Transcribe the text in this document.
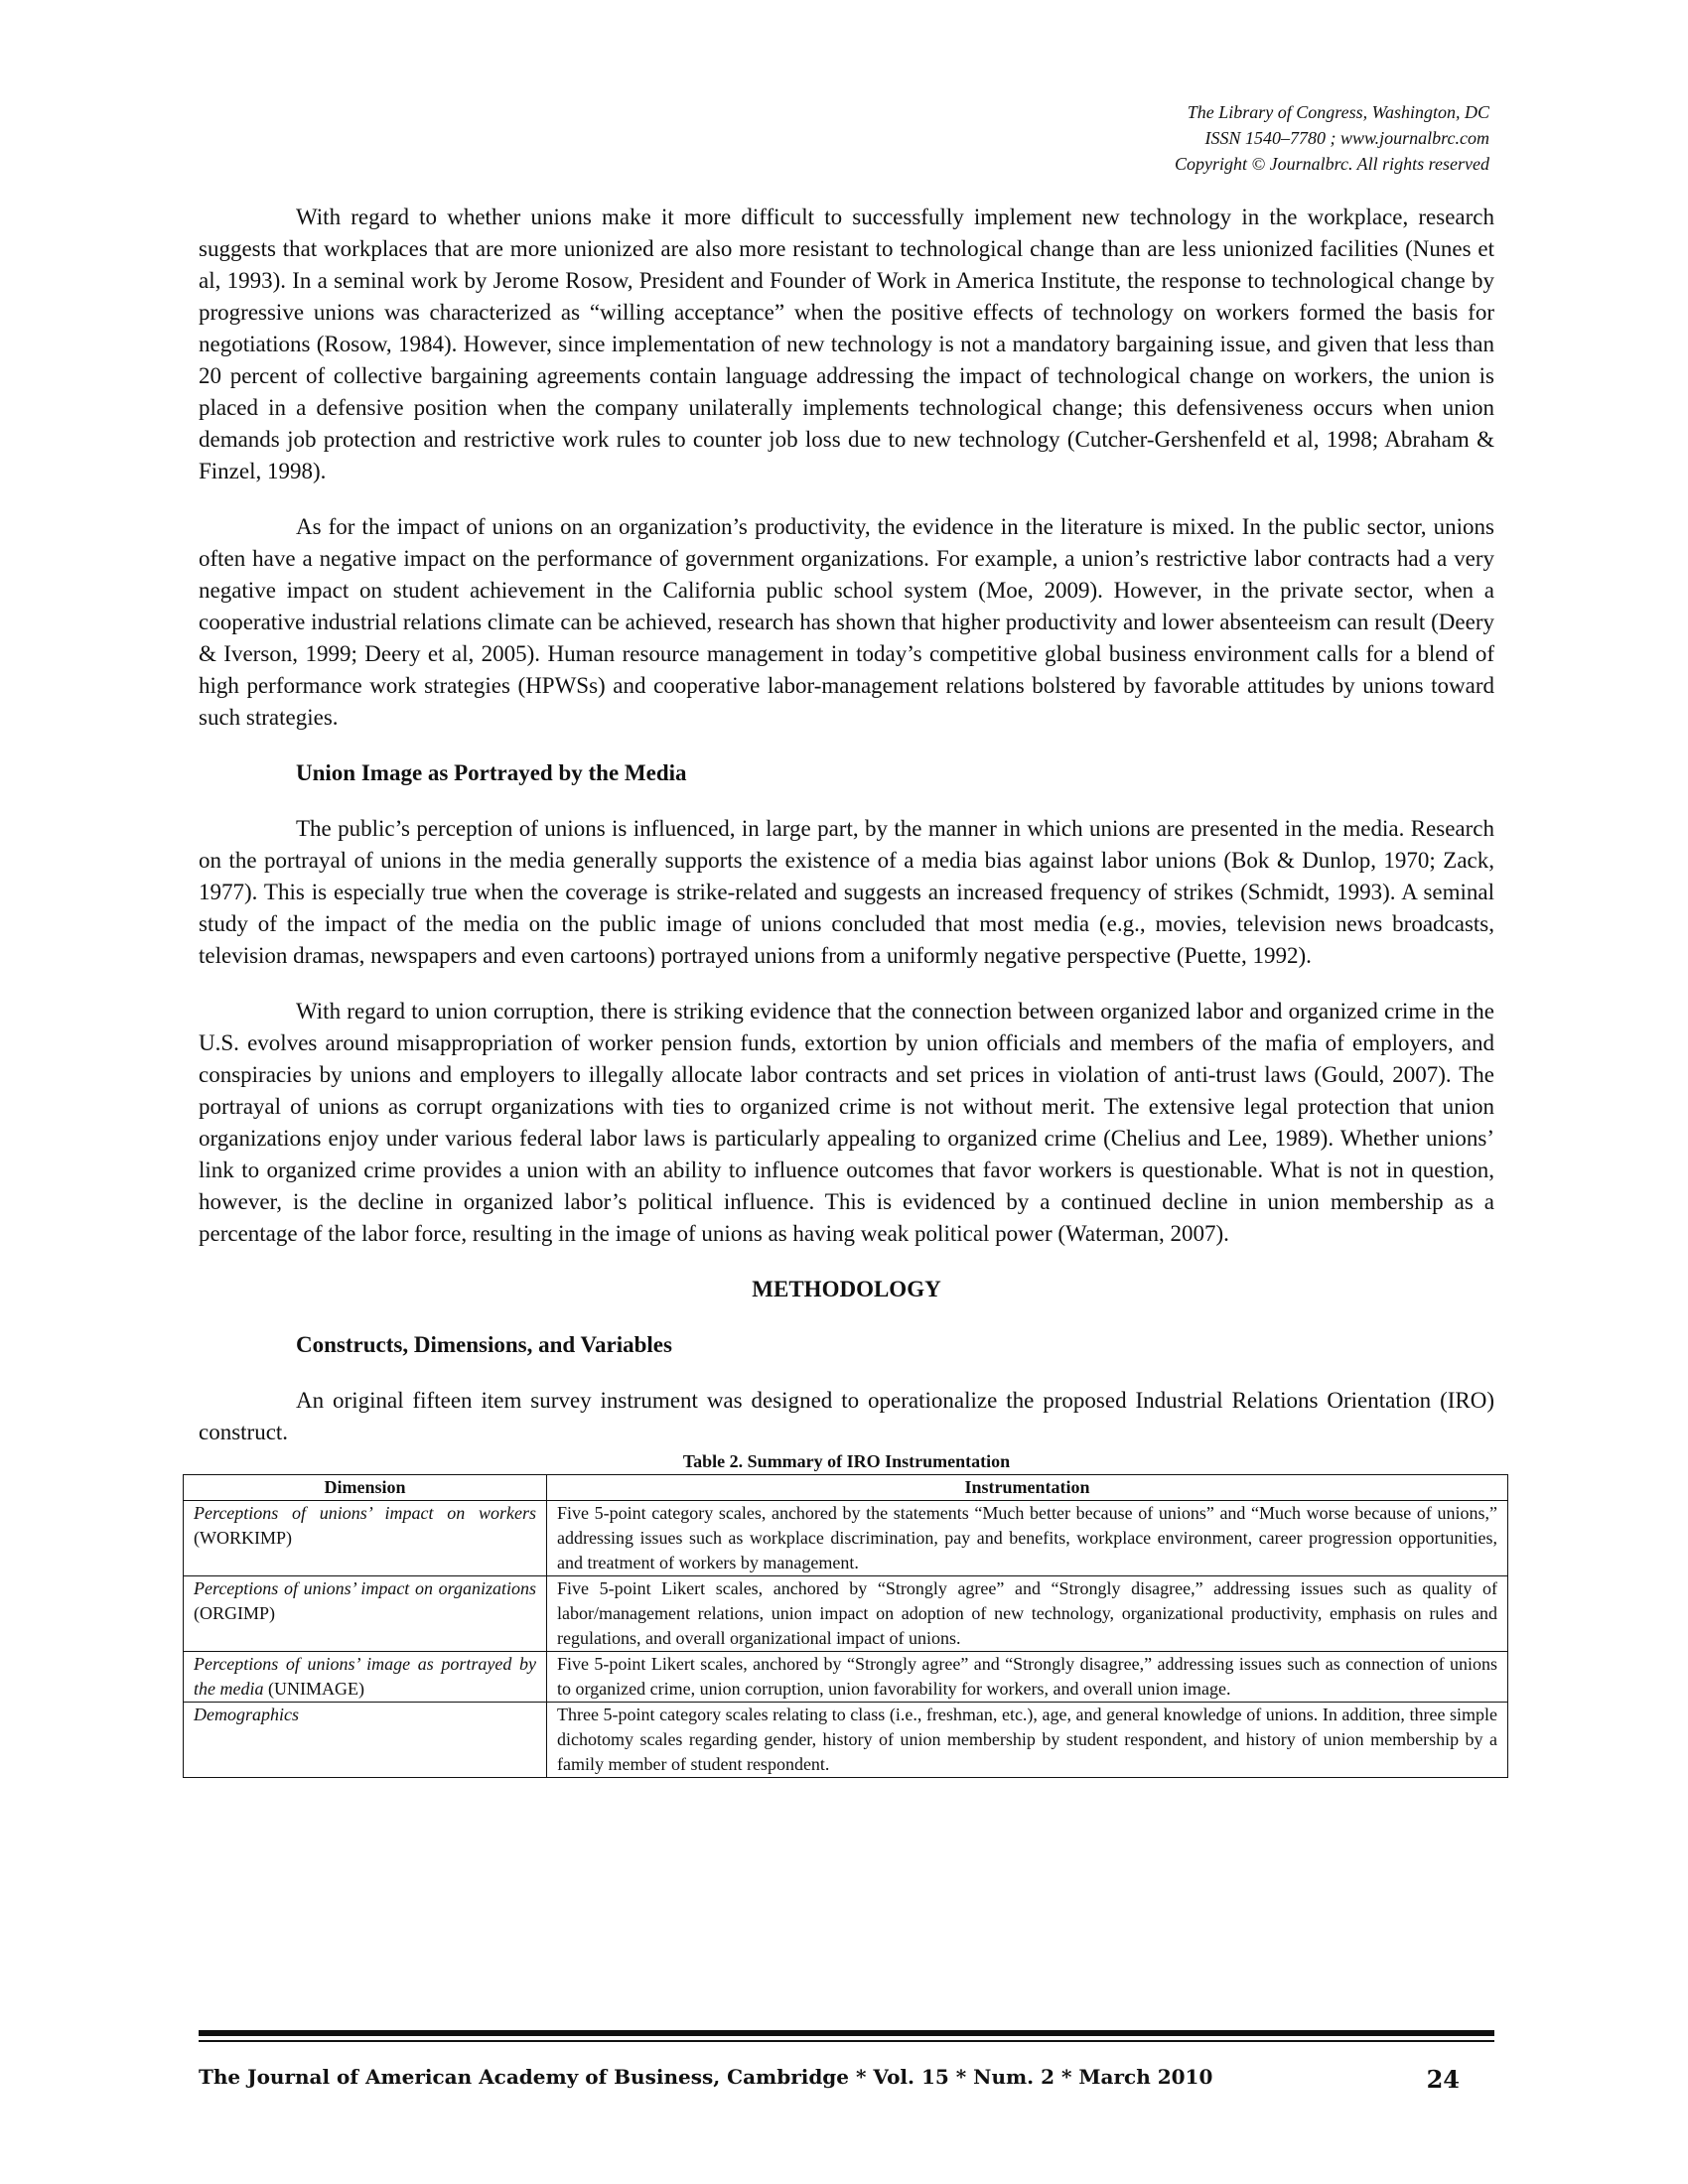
The Library of Congress, Washington, DC
ISSN 1540–7780 ; www.journalbrc.com
Copyright © Journalbrc. All rights reserved

With regard to whether unions make it more difficult to successfully implement new technology in the workplace, research suggests that workplaces that are more unionized are also more resistant to technological change than are less unionized facilities (Nunes et al, 1993). In a seminal work by Jerome Rosow, President and Founder of Work in America Institute, the response to technological change by progressive unions was characterized as “willing acceptance” when the positive effects of technology on workers formed the basis for negotiations (Rosow, 1984). However, since implementation of new technology is not a mandatory bargaining issue, and given that less than 20 percent of collective bargaining agreements contain language addressing the impact of technological change on workers, the union is placed in a defensive position when the company unilaterally implements technological change; this defensiveness occurs when union demands job protection and restrictive work rules to counter job loss due to new technology (Cutcher-Gershenfeld et al, 1998; Abraham & Finzel, 1998).

As for the impact of unions on an organization’s productivity, the evidence in the literature is mixed. In the public sector, unions often have a negative impact on the performance of government organizations. For example, a union’s restrictive labor contracts had a very negative impact on student achievement in the California public school system (Moe, 2009). However, in the private sector, when a cooperative industrial relations climate can be achieved, research has shown that higher productivity and lower absenteeism can result (Deery & Iverson, 1999; Deery et al, 2005). Human resource management in today’s competitive global business environment calls for a blend of high performance work strategies (HPWSs) and cooperative labor-management relations bolstered by favorable attitudes by unions toward such strategies.

Union Image as Portrayed by the Media

The public’s perception of unions is influenced, in large part, by the manner in which unions are presented in the media. Research on the portrayal of unions in the media generally supports the existence of a media bias against labor unions (Bok & Dunlop, 1970; Zack, 1977). This is especially true when the coverage is strike-related and suggests an increased frequency of strikes (Schmidt, 1993). A seminal study of the impact of the media on the public image of unions concluded that most media (e.g., movies, television news broadcasts, television dramas, newspapers and even cartoons) portrayed unions from a uniformly negative perspective (Puette, 1992).

With regard to union corruption, there is striking evidence that the connection between organized labor and organized crime in the U.S. evolves around misappropriation of worker pension funds, extortion by union officials and members of the mafia of employers, and conspiracies by unions and employers to illegally allocate labor contracts and set prices in violation of anti-trust laws (Gould, 2007). The portrayal of unions as corrupt organizations with ties to organized crime is not without merit. The extensive legal protection that union organizations enjoy under various federal labor laws is particularly appealing to organized crime (Chelius and Lee, 1989). Whether unions’ link to organized crime provides a union with an ability to influence outcomes that favor workers is questionable. What is not in question, however, is the decline in organized labor’s political influence. This is evidenced by a continued decline in union membership as a percentage of the labor force, resulting in the image of unions as having weak political power (Waterman, 2007).

METHODOLOGY

Constructs, Dimensions, and Variables

An original fifteen item survey instrument was designed to operationalize the proposed Industrial Relations Orientation (IRO) construct.

Table 2. Summary of IRO Instrumentation
Dimension	Instrumentation
Perceptions of unions’ impact on workers (WORKIMP)	Five 5-point category scales, anchored by the statements “Much better because of unions” and “Much worse because of unions,” addressing issues such as workplace discrimination, pay and benefits, workplace environment, career progression opportunities, and treatment of workers by management.
Perceptions of unions’ impact on organizations (ORGIMP)	Five 5-point Likert scales, anchored by “Strongly agree” and “Strongly disagree,” addressing issues such as quality of labor/management relations, union impact on adoption of new technology, organizational productivity, emphasis on rules and regulations, and overall organizational impact of unions.
Perceptions of unions’ image as portrayed by the media (UNIMAGE)	Five 5-point Likert scales, anchored by “Strongly agree” and “Strongly disagree,” addressing issues such as connection of unions to organized crime, union corruption, union favorability for workers, and overall union image.
Demographics	Three 5-point category scales relating to class (i.e., freshman, etc.), age, and general knowledge of unions. In addition, three simple dichotomy scales regarding gender, history of union membership by student respondent, and history of union membership by a family member of student respondent.
The Journal of American Academy of Business, Cambridge * Vol. 15 * Num. 2 * March 2010	24
